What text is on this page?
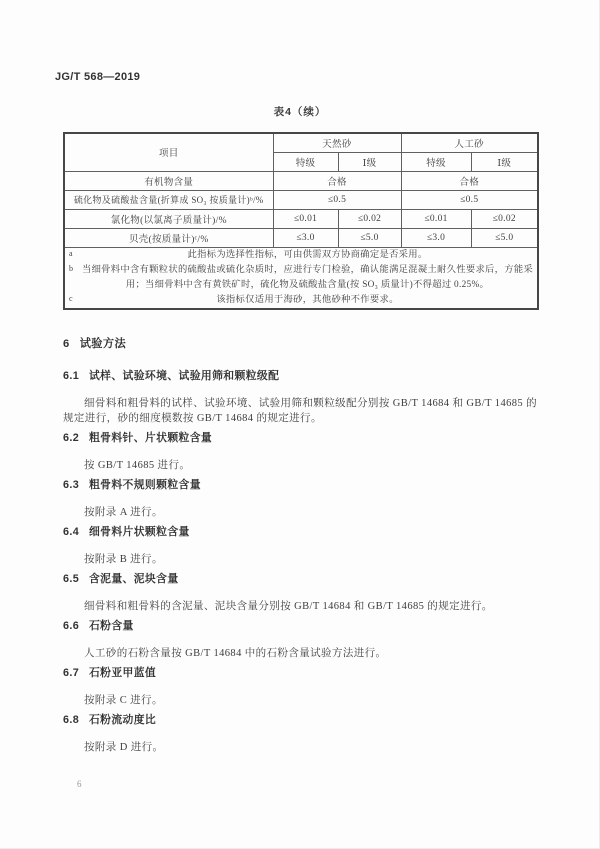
JG/T 568—2019
表4（续）
项目	天然砂		人工砂	
	特级	Ⅰ级	特级	Ⅰ级
有机物含量	合格		合格	
硫化物及硫酸盐含量(折算成 SO₃ 按质量计)ᵇ/%	≤0.5		≤0.5	
氯化物(以氯离子质量计)/%	≤0.01	≤0.02	≤0.01	≤0.02
贝壳(按质量计)ᶜ/%	≤3.0	≤5.0	≤3.0	≤5.0

a	此指标为选择性指标，可由供需双方协商确定是否采用。
b 当细骨料中含有颗粒状的硫酸盐或硫化杂质时，应进行专门检验，确认能满足混凝土耐久性要求后，方能采用；当细骨料中含有黄铁矿时，硫化物及硫酸盐含量(按 SO₃ 质量计)不得超过 0.25%。
c	该指标仅适用于海砂，其他砂种不作要求。
6 试验方法
6.1 试样、试验环境、试验用筛和颗粒级配

细骨料和粗骨料的试样、试验环境、试验用筛和颗粒级配分别按 GB/T 14684 和 GB/T 14685 的规定进行，砂的细度模数按 GB/T 14684 的规定进行。

6.2 粗骨料针、片状颗粒含量

按 GB/T 14685 进行。

6.3 粗骨料不规则颗粒含量

按附录 A 进行。

6.4 细骨料片状颗粒含量

按附录 B 进行。

6.5 含泥量、泥块含量

细骨料和粗骨料的含泥量、泥块含量分别按 GB/T 14684 和 GB/T 14685 的规定进行。

6.6 石粉含量

人工砂的石粉含量按 GB/T 14684 中的石粉含量试验方法进行。

6.7 石粉亚甲蓝值

按附录 C 进行。

6.8 石粉流动度比

按附录 D 进行。

6
